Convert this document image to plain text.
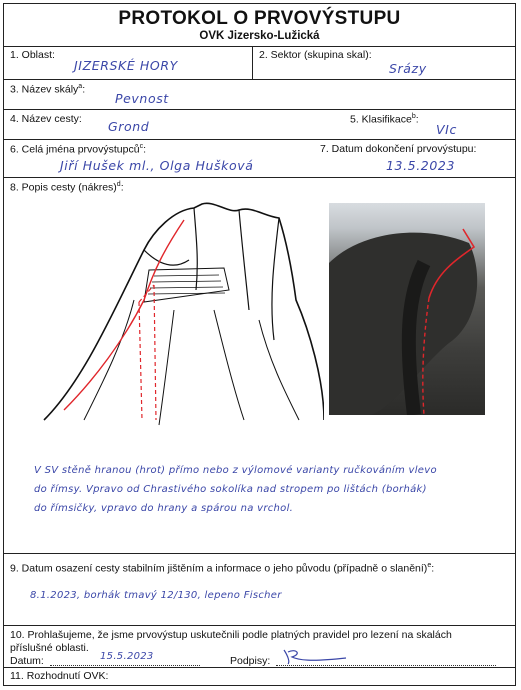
PROTOKOL O PRVOVÝSTUPU
OVK Jizersko-Lužická
1. Oblast:
JIZERSKÉ HORY
2. Sektor (skupina skal):
Srázy
3. Název skály$^a$:
Pevnost
4. Název cesty: Grond	5. Klasifikace$^b$:
VIc
6. Celá jména prvovýstupců$^c$:
Jiří Hušek ml., Olga Hušková
7. Datum dokončení prvovýstupu:
13.5.2023
8. Popis cesty (nákres)$^d$:
V SV stěně hranou (hrot) přímo nebo z výlomové varianty ručkováním vlevo
do římsy. Vpravo od Chrastivého sokolíka nad stropem po lištách (borhák)
do římsičky, vpravo do hrany a spárou na vrchol.
9. Datum osazení cesty stabilním jištěním a informace o jeho původu (případně o slanění)$^e$:
8.1.2023, borhák tmavý 12/130, lepeno Fischer
10. Prohlašujeme, že jsme prvovýstup uskutečnili podle platných pravidel pro lezení na skalách
příslušné oblasti.
Datum:	15.5.2023	Podpisy:
11. Rozhodnutí OVK:
